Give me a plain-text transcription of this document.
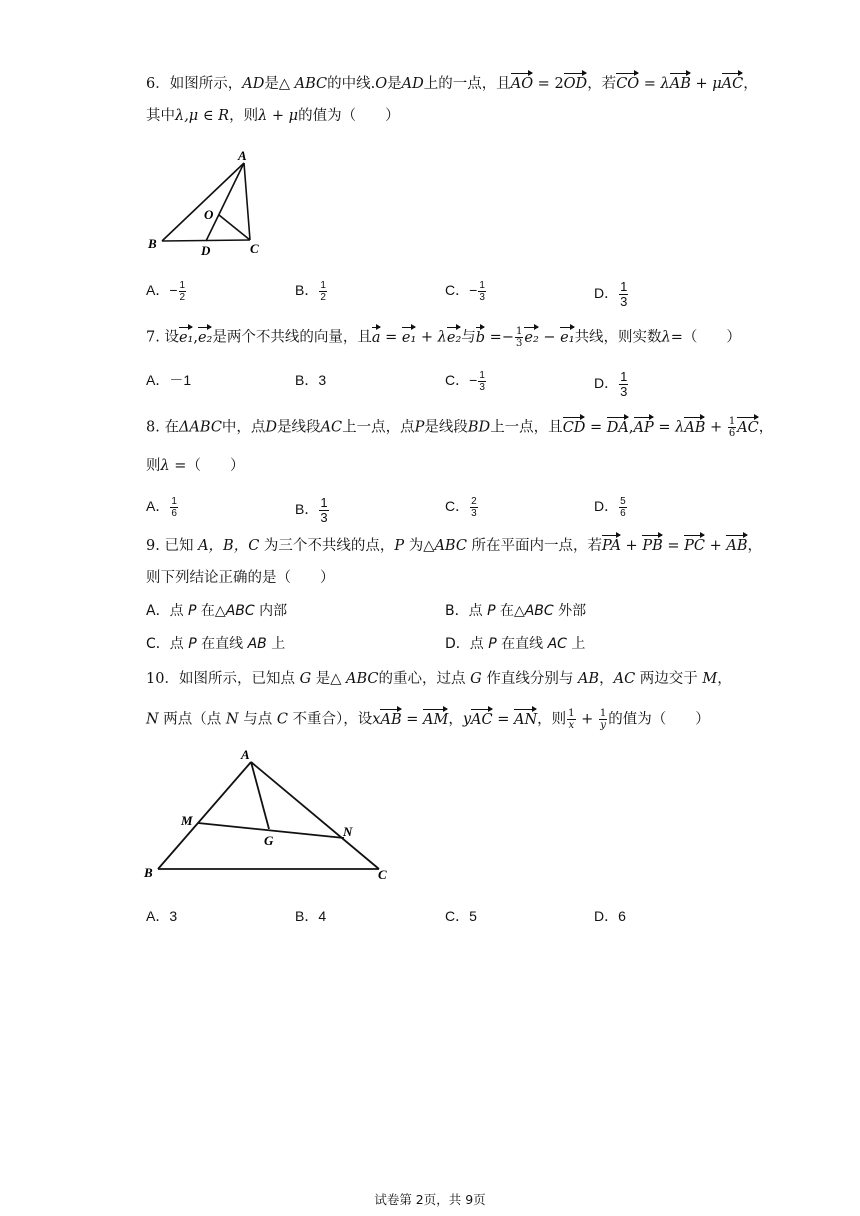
6．如图所示，AD是△ ABC的中线.O是AD上的一点，且AO = 2OD，若CO = λAB + μAC，
其中λ,μ ∈ R，则λ + μ的值为（　　）
A
B	C
D
O
A．− $\frac{1}{2}$	B． $\frac{1}{2}$	C．− $\frac{1}{3}$	D． $\frac{1}{3}$
7. 设e₁,e₂是两个不共线的向量，且a = e₁ + λe₂与$b =- \frac{1}{3} e_2 - e_1$共线，则实数λ=（　　）
A．－1	B．3	C．− $\frac{1}{3}$	D． $\frac{1}{3}$
8. 在ΔABC中，点D是线段AC上一点，点P是线段BD上一点，且CD = $DA,AP = \lambda AB + \frac{1}{6}$ AC，
则λ =（　　）
A． $\frac{1}{6}$	B． $\frac{1}{3}$	C． $\frac{2}{3}$	D． $\frac{5}{6}$
9. 已知 A，B，C 为三个不共线的点，P 为△ABC 所在平面内一点，若PA + PB = PC + AB，
则下列结论正确的是（　　）
A．点 P 在△ABC 内部	B．点 P 在△ABC 外部
C．点 P 在直线 AB 上	D．点 P 在直线 AC 上
10．如图所示，已知点 G 是△ ABC的重心，过点 G 作直线分别与 AB，AC 两边交于 M，
N 两点（点 N 与点 C 不重合），设xAB = AM，yAC = AN，则 $\frac{1}{x} + \frac{1}{y}$ 的值为（　　）
A
B	C
M
N
G
A．3	B．4	C．5	D．6
试卷第 2页，共 9页
